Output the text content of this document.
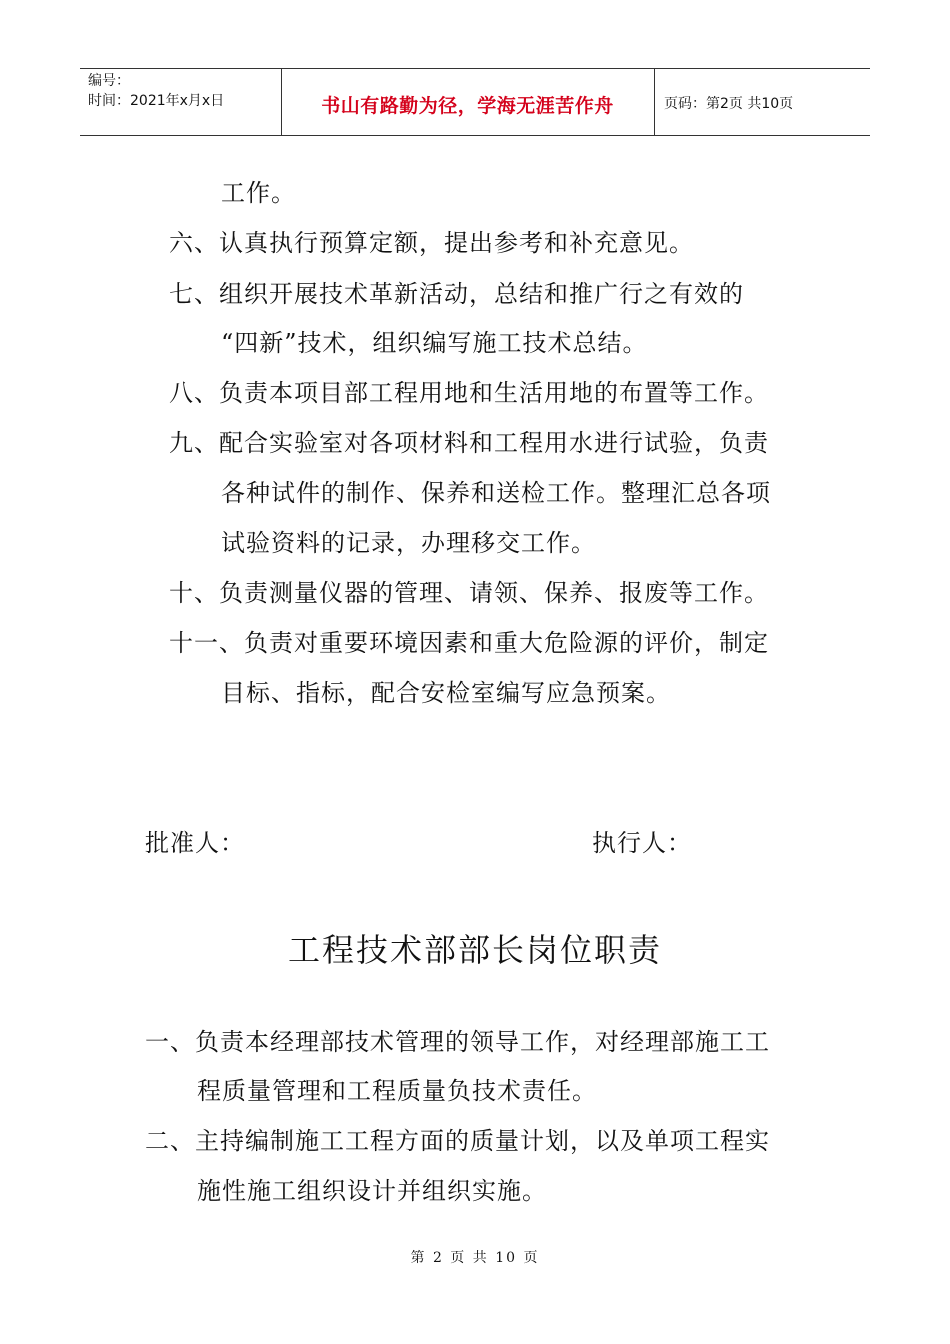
编号：
时间：2021年x月x日	书山有路勤为径，学海无涯苦作舟	页码：第2页 共10页
工作。
六、认真执行预算定额，提出参考和补充意见。
七、组织开展技术革新活动，总结和推广行之有效的
“四新”技术，组织编写施工技术总结。
八、负责本项目部工程用地和生活用地的布置等工作。
九、配合实验室对各项材料和工程用水进行试验，负责
各种试件的制作、保养和送检工作。整理汇总各项
试验资料的记录，办理移交工作。
十、负责测量仪器的管理、请领、保养、报废等工作。
十一、负责对重要环境因素和重大危险源的评价，制定
目标、指标，配合安检室编写应急预案。
批准人：	执行人：
工程技术部部长岗位职责
一、负责本经理部技术管理的领导工作，对经理部施工工
程质量管理和工程质量负技术责任。
二、主持编制施工工程方面的质量计划，以及单项工程实
施性施工组织设计并组织实施。
第 2 页 共 10 页
